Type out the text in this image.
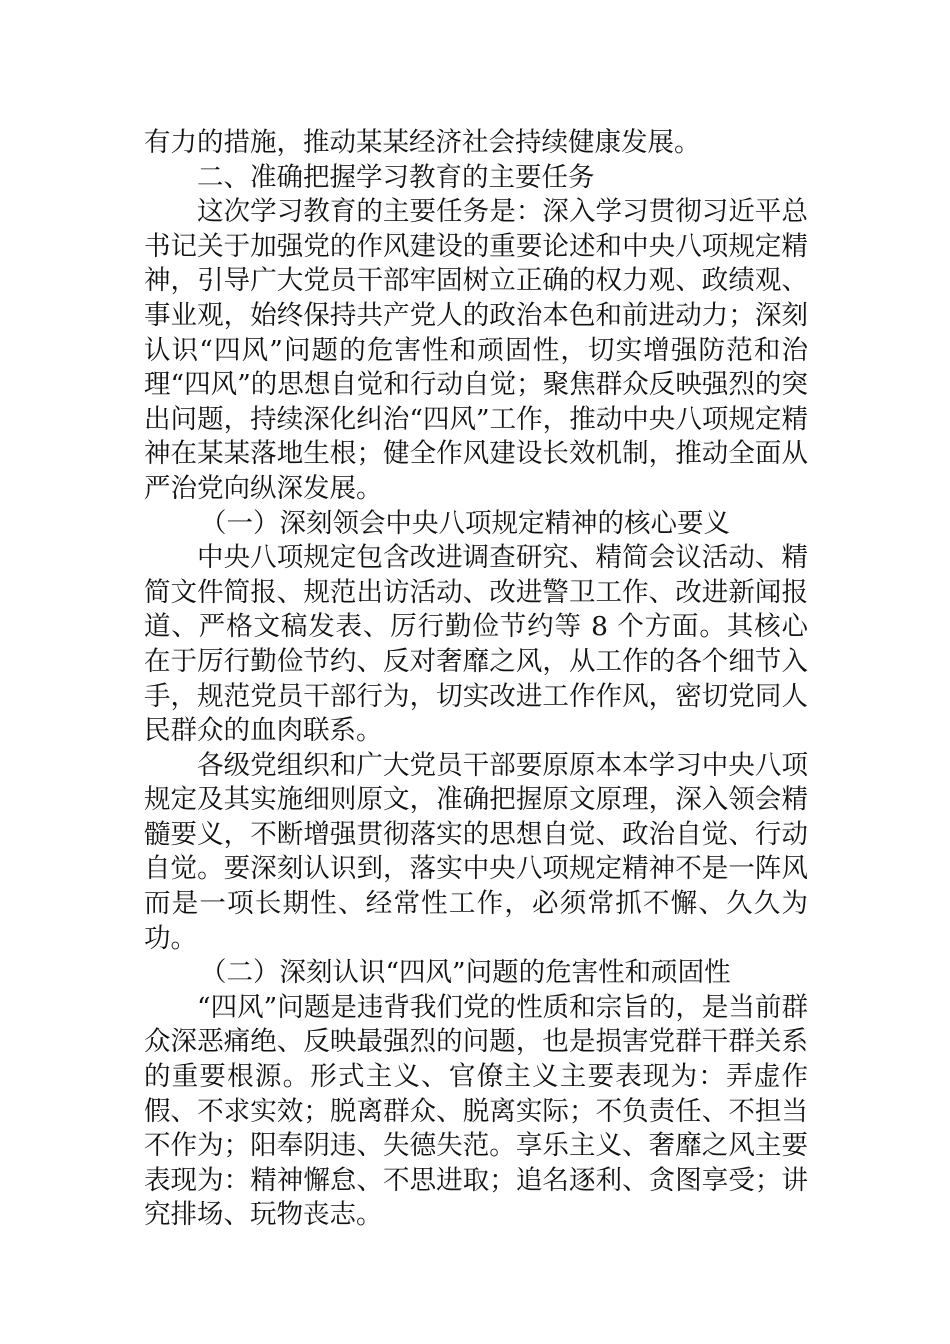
有力的措施，推动某某经济社会持续健康发展。

二、准确把握学习教育的主要任务

这次学习教育的主要任务是：深入学习贯彻习近平总书记关于加强党的作风建设的重要论述和中央八项规定精神，引导广大党员干部牢固树立正确的权力观、政绩观、事业观，始终保持共产党人的政治本色和前进动力；深刻认识“四风”问题的危害性和顽固性，切实增强防范和治理“四风”的思想自觉和行动自觉；聚焦群众反映强烈的突出问题，持续深化纠治“四风”工作，推动中央八项规定精神在某某落地生根；健全作风建设长效机制，推动全面从严治党向纵深发展。

（一）深刻领会中央八项规定精神的核心要义

中央八项规定包含改进调查研究、精简会议活动、精简文件简报、规范出访活动、改进警卫工作、改进新闻报道、严格文稿发表、厉行勤俭节约等 8 个方面。其核心在于厉行勤俭节约、反对奢靡之风，从工作的各个细节入手，规范党员干部行为，切实改进工作作风，密切党同人民群众的血肉联系。

各级党组织和广大党员干部要原原本本学习中央八项规定及其实施细则原文，准确把握原文原理，深入领会精髓要义，不断增强贯彻落实的思想自觉、政治自觉、行动自觉。要深刻认识到，落实中央八项规定精神不是一阵风而是一项长期性、经常性工作，必须常抓不懈、久久为功。

（二）深刻认识“四风”问题的危害性和顽固性

“四风”问题是违背我们党的性质和宗旨的，是当前群众深恶痛绝、反映最强烈的问题，也是损害党群干群关系的重要根源。形式主义、官僚主义主要表现为：弄虚作假、不求实效；脱离群众、脱离实际；不负责任、不担当不作为；阳奉阴违、失德失范。享乐主义、奢靡之风主要表现为：精神懈怠、不思进取；追名逐利、贪图享受；讲究排场、玩物丧志。
